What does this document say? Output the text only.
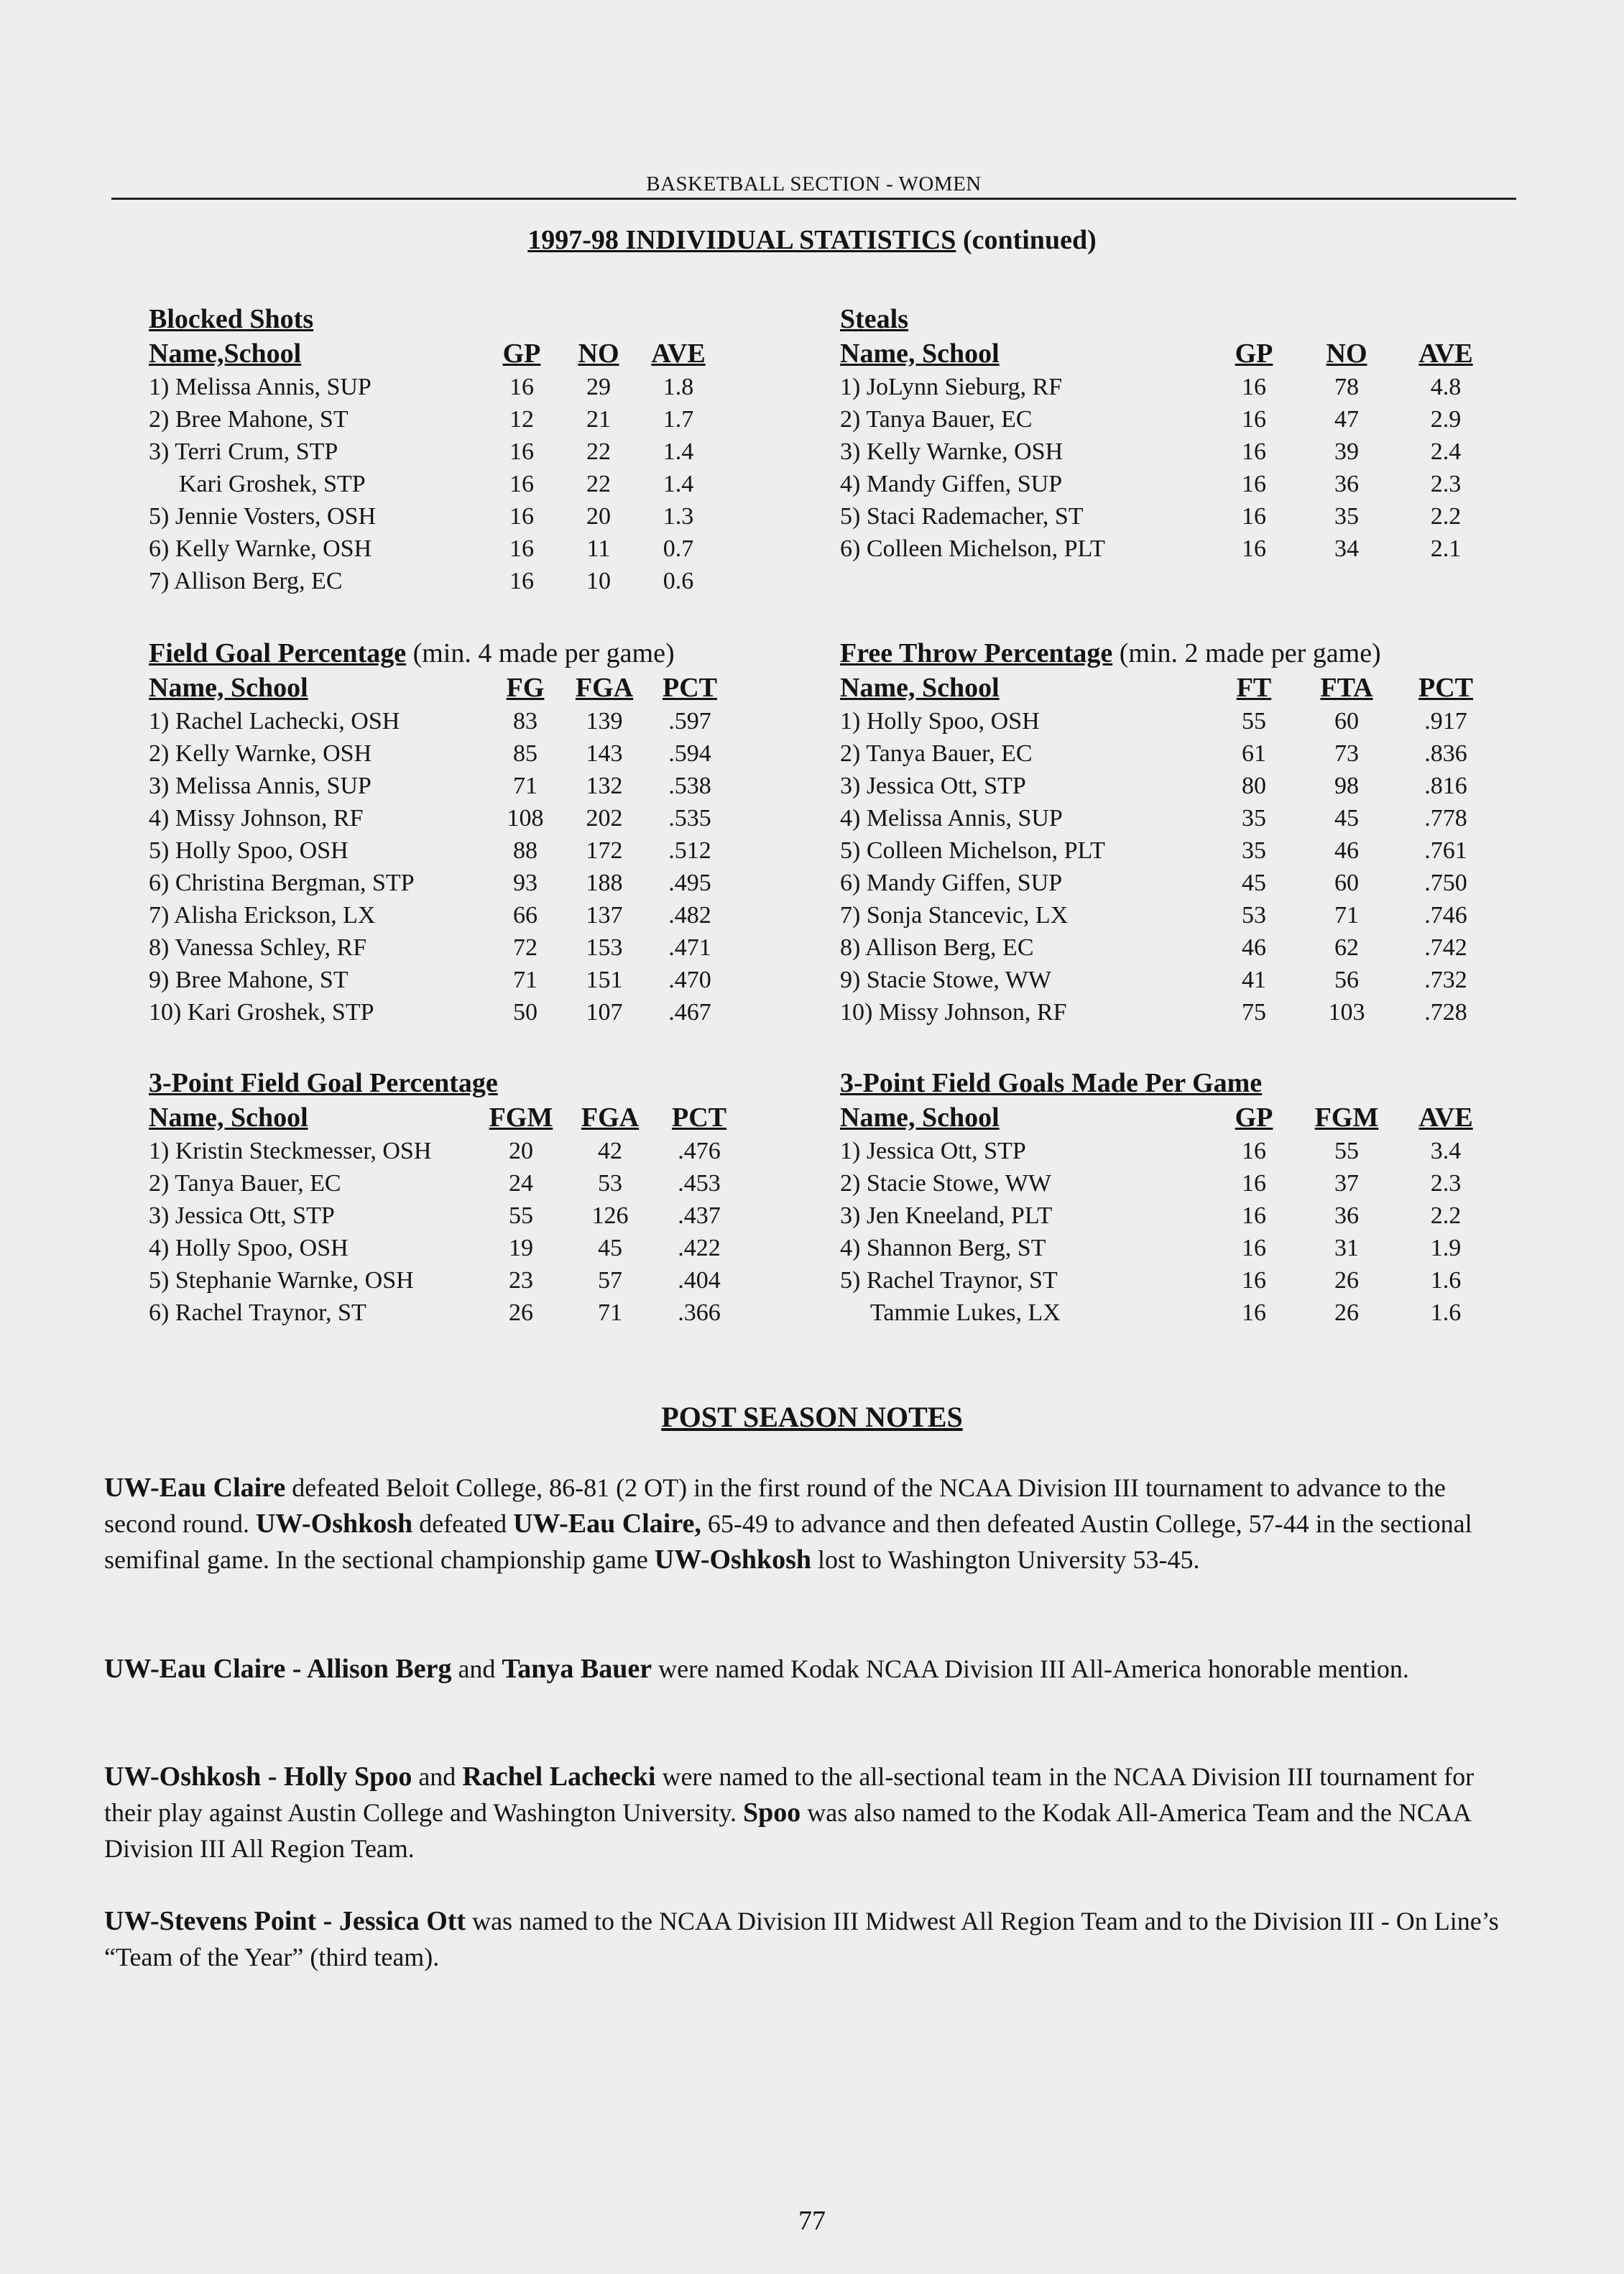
BASKETBALL SECTION - WOMEN
1997-98 INDIVIDUAL STATISTICS (continued)
Blocked Shots
Name,School	GP	NO	AVE
1) Melissa Annis, SUP	16	29	1.8
2) Bree Mahone, ST	12	21	1.7
3) Terri Crum, STP	16	22	1.4
Kari Groshek, STP	16	22	1.4
5) Jennie Vosters, OSH	16	20	1.3
6) Kelly Warnke, OSH	16	11	0.7
7) Allison Berg, EC	16	10	0.6
Steals
Name, School	GP	NO	AVE
1) JoLynn Sieburg, RF	16	78	4.8
2) Tanya Bauer, EC	16	47	2.9
3) Kelly Warnke, OSH	16	39	2.4
4) Mandy Giffen, SUP	16	36	2.3
5) Staci Rademacher, ST	16	35	2.2
6) Colleen Michelson, PLT	16	34	2.1
Field Goal Percentage (min. 4 made per game)
Name, School	FG	FGA	PCT
1) Rachel Lachecki, OSH	83	139	.597
2) Kelly Warnke, OSH	85	143	.594
3) Melissa Annis, SUP	71	132	.538
4) Missy Johnson, RF	108	202	.535
5) Holly Spoo, OSH	88	172	.512
6) Christina Bergman, STP	93	188	.495
7) Alisha Erickson, LX	66	137	.482
8) Vanessa Schley, RF	72	153	.471
9) Bree Mahone, ST	71	151	.470
10) Kari Groshek, STP	50	107	.467
Free Throw Percentage (min. 2 made per game)
Name, School	FT	FTA	PCT
1) Holly Spoo, OSH	55	60	.917
2) Tanya Bauer, EC	61	73	.836
3) Jessica Ott, STP	80	98	.816
4) Melissa Annis, SUP	35	45	.778
5) Colleen Michelson, PLT	35	46	.761
6) Mandy Giffen, SUP	45	60	.750
7) Sonja Stancevic, LX	53	71	.746
8) Allison Berg, EC	46	62	.742
9) Stacie Stowe, WW	41	56	.732
10) Missy Johnson, RF	75	103	.728
3-Point Field Goal Percentage
Name, School	FGM	FGA	PCT
1) Kristin Steckmesser, OSH	20	42	.476
2) Tanya Bauer, EC	24	53	.453
3) Jessica Ott, STP	55	126	.437
4) Holly Spoo, OSH	19	45	.422
5) Stephanie Warnke, OSH	23	57	.404
6) Rachel Traynor, ST	26	71	.366
3-Point Field Goals Made Per Game
Name, School	GP	FGM	AVE
1) Jessica Ott, STP	16	55	3.4
2) Stacie Stowe, WW	16	37	2.3
3) Jen Kneeland, PLT	16	36	2.2
4) Shannon Berg, ST	16	31	1.9
5) Rachel Traynor, ST	16	26	1.6
Tammie Lukes, LX	16	26	1.6
POST SEASON NOTES
UW-Eau Claire defeated Beloit College, 86-81 (2 OT) in the first round of the NCAA Division III tournament to advance to the second round. UW-Oshkosh defeated UW-Eau Claire, 65-49 to advance and then defeated Austin College, 57-44 in the sectional semifinal game. In the sectional championship game UW-Oshkosh lost to Washington University 53-45.
UW-Eau Claire - Allison Berg and Tanya Bauer were named Kodak NCAA Division III All-America honorable mention.
UW-Oshkosh - Holly Spoo and Rachel Lachecki were named to the all-sectional team in the NCAA Division III tournament for their play against Austin College and Washington University. Spoo was also named to the Kodak All-America Team and the NCAA Division III All Region Team.
UW-Stevens Point - Jessica Ott was named to the NCAA Division III Midwest All Region Team and to the Division III - On Line’s “Team of the Year” (third team).
77
